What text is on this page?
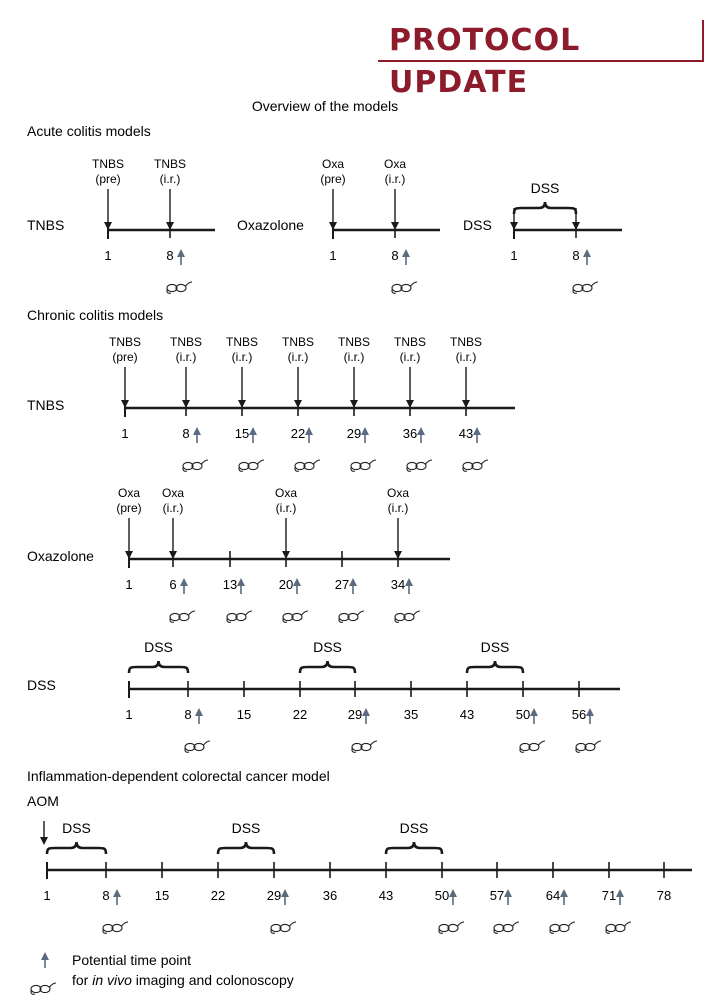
PROTOCOL UPDATE
Overview of the models
Acute colitis models
Chronic colitis models
Inflammation-dependent colorectal cancer model
TNBS	Oxazolone	DSS
TNBS
Oxazolone
DSS
AOM
1	8
TNBS
(pre)
TNBS
(i.r.)
1	8
Oxa
(pre)
Oxa
(i.r.)
1	8
DSS
1	8	15	22	29	36	43
TNBS
(pre)
TNBS
(i.r.)
TNBS
(i.r.)
TNBS
(i.r.)
TNBS
(i.r.)
TNBS
(i.r.)
TNBS
(i.r.)
1	6	13	20	27	34
Oxa
(pre)
Oxa
(i.r.)
Oxa
(i.r.)
Oxa
(i.r.)
1	8	15	22	29	35	43	50	56
DSS	DSS	DSS
1	8	15	22	29	36	43	50	57	64	71	78
DSS	DSS	DSS
Potential time point
for in vivo imaging and colonoscopy
